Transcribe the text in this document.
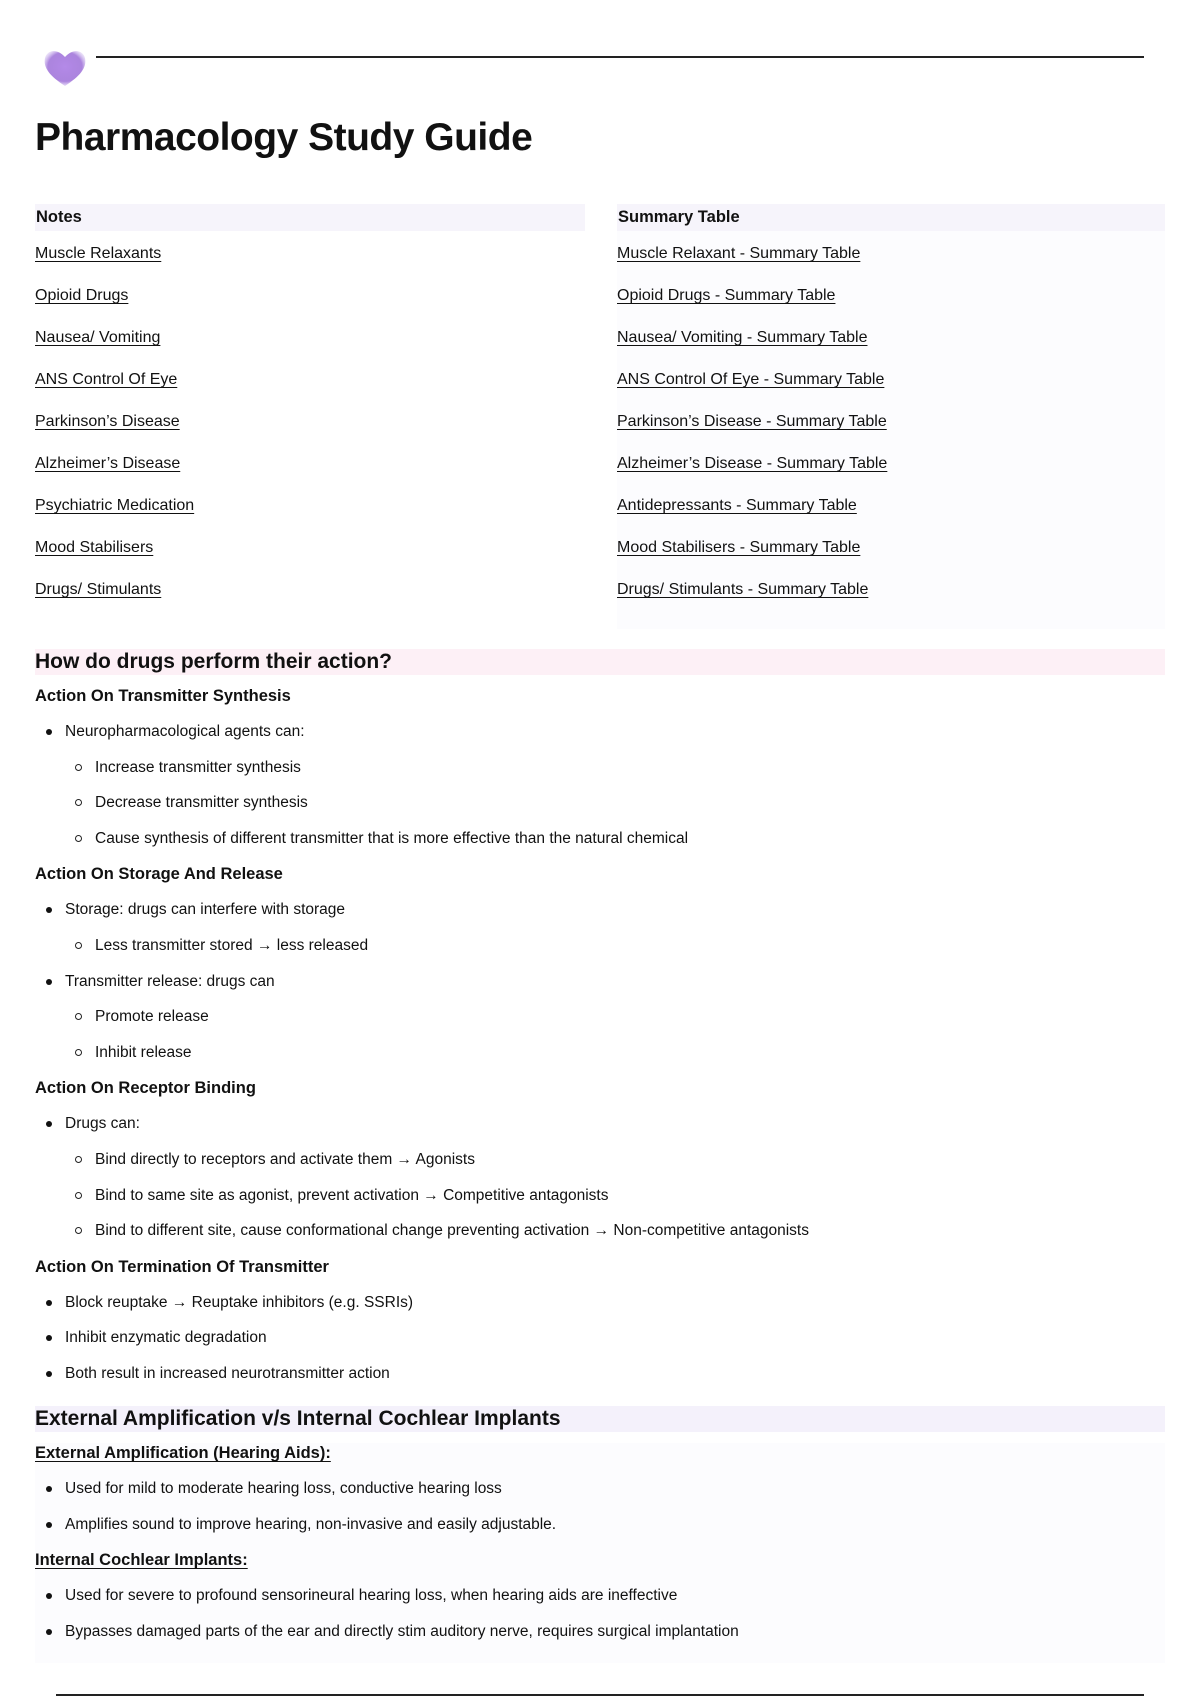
Pharmacology Study Guide
Notes
Muscle Relaxants
Opioid Drugs
Nausea/ Vomiting
ANS Control Of Eye
Parkinson’s Disease
Alzheimer’s Disease
Psychiatric Medication
Mood Stabilisers
Drugs/ Stimulants
Summary Table
Muscle Relaxant - Summary Table
Opioid Drugs - Summary Table
Nausea/ Vomiting - Summary Table
ANS Control Of Eye - Summary Table
Parkinson’s Disease - Summary Table
Alzheimer’s Disease - Summary Table
Antidepressants - Summary Table
Mood Stabilisers - Summary Table
Drugs/ Stimulants - Summary Table
How do drugs perform their action?
Action On Transmitter Synthesis
Neuropharmacological agents can:
Increase transmitter synthesis
Decrease transmitter synthesis
Cause synthesis of different transmitter that is more effective than the natural chemical
Action On Storage And Release
Storage: drugs can interfere with storage
Less transmitter stored → less released
Transmitter release: drugs can
Promote release
Inhibit release
Action On Receptor Binding
Drugs can:
Bind directly to receptors and activate them → Agonists
Bind to same site as agonist, prevent activation → Competitive antagonists
Bind to different site, cause conformational change preventing activation → Non-competitive antagonists
Action On Termination Of Transmitter
Block reuptake → Reuptake inhibitors (e.g. SSRIs)
Inhibit enzymatic degradation
Both result in increased neurotransmitter action
External Amplification v/s Internal Cochlear Implants
External Amplification (Hearing Aids):
Used for mild to moderate hearing loss, conductive hearing loss
Amplifies sound to improve hearing, non-invasive and easily adjustable.
Internal Cochlear Implants:
Used for severe to profound sensorineural hearing loss, when hearing aids are ineffective
Bypasses damaged parts of the ear and directly stim auditory nerve, requires surgical implantation
